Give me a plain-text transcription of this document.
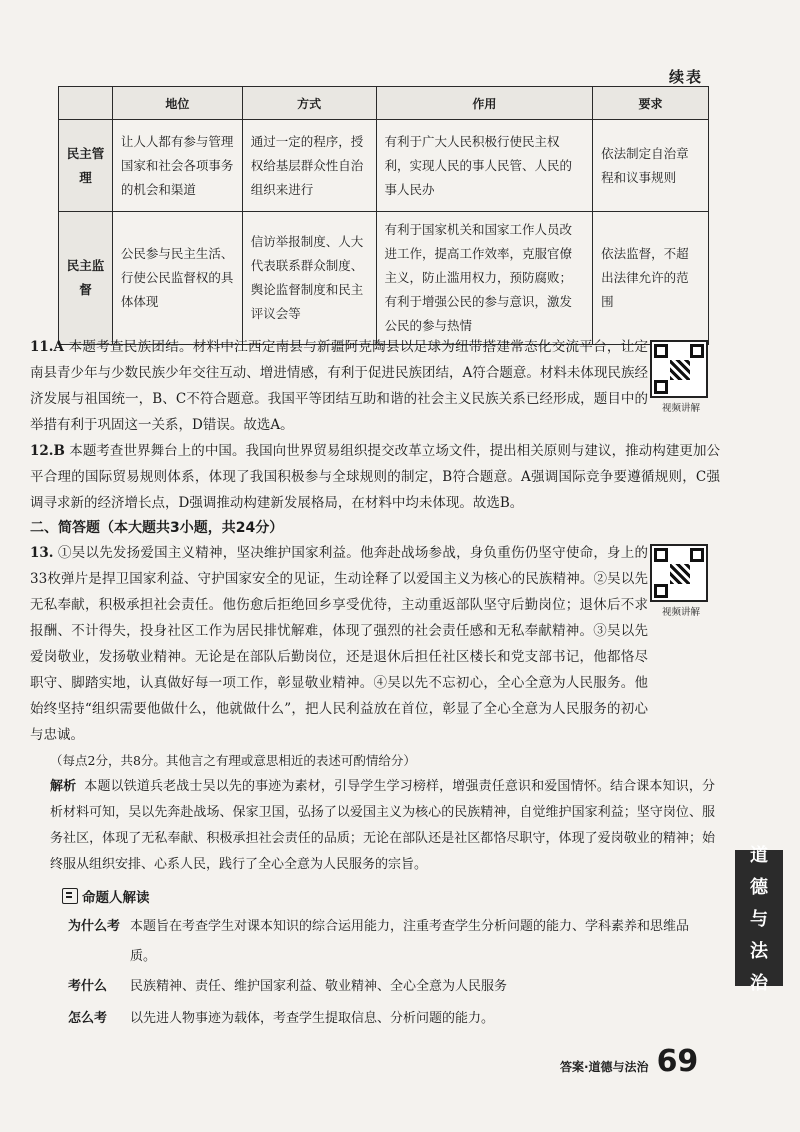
续表
	地位	方式	作用	要求
民主管理	让人人都有参与管理国家和社会各项事务的机会和渠道	通过一定的程序，授权给基层群众性自治组织来进行	有利于广大人民积极行使民主权利，实现人民的事人民管、人民的事人民办	依法制定自治章程和议事规则
民主监督	公民参与民主生活、行使公民监督权的具体体现	信访举报制度、人大代表联系群众制度、舆论监督制度和民主评议会等	有利于国家机关和国家工作人员改进工作，提高工作效率，克服官僚主义，防止滥用权力，预防腐败；有利于增强公民的参与意识，激发公民的参与热情	依法监督，不超出法律允许的范围
11.A 本题考查民族团结。材料中江西定南县与新疆阿克陶县以足球为纽带搭建常态化交流平台，让定南县青少年与少数民族少年交往互动、增进情感，有利于促进民族团结，A符合题意。材料未体现民族经济发展与祖国统一，B、C不符合题意。我国平等团结互助和谐的社会主义民族关系已经形成，题目中的举措有利于巩固这一关系，D错误。故选A。
视频讲解
12.B 本题考查世界舞台上的中国。我国向世界贸易组织提交改革立场文件，提出相关原则与建议，推动构建更加公平合理的国际贸易规则体系，体现了我国积极参与全球规则的制定，B符合题意。A强调国际竞争要遵循规则，C强调寻求新的经济增长点，D强调推动构建新发展格局，在材料中均未体现。故选B。
二、简答题（本大题共3小题，共24分）
13. ①吴以先发扬爱国主义精神，坚决维护国家利益。他奔赴战场参战，身负重伤仍坚守使命，身上的33枚弹片是捍卫国家利益、守护国家安全的见证，生动诠释了以爱国主义为核心的民族精神。②吴以先无私奉献，积极承担社会责任。他伤愈后拒绝回乡享受优待，主动重返部队坚守后勤岗位；退休后不求报酬、不计得失，投身社区工作为居民排忧解难，体现了强烈的社会责任感和无私奉献精神。③吴以先爱岗敬业，发扬敬业精神。无论是在部队后勤岗位，还是退休后担任社区楼长和党支部书记，他都恪尽职守、脚踏实地，认真做好每一项工作，彰显敬业精神。④吴以先不忘初心，全心全意为人民服务。他始终坚持“组织需要他做什么，他就做什么”，把人民利益放在首位，彰显了全心全意为人民服务的初心与忠诚。
视频讲解
（每点2分，共8分。其他言之有理或意思相近的表述可酌情给分）
解析 本题以铁道兵老战士吴以先的事迹为素材，引导学生学习榜样，增强责任意识和爱国情怀。结合课本知识，分析材料可知，吴以先奔赴战场、保家卫国，弘扬了以爱国主义为核心的民族精神，自觉维护国家利益；坚守岗位、服务社区，体现了无私奉献、积极承担社会责任的品质；无论在部队还是社区都恪尽职守，体现了爱岗敬业的精神；始终服从组织安排、心系人民，践行了全心全意为人民服务的宗旨。
命题人解读
为什么考 本题旨在考查学生对课本知识的综合运用能力，注重考查学生分析问题的能力、学科素养和思维品质。
考什么 民族精神、责任、维护国家利益、敬业精神、全心全意为人民服务
怎么考 以先进人物事迹为载体，考查学生提取信息、分析问题的能力。
道
德
与
法
治
答案·道德与法治 69
